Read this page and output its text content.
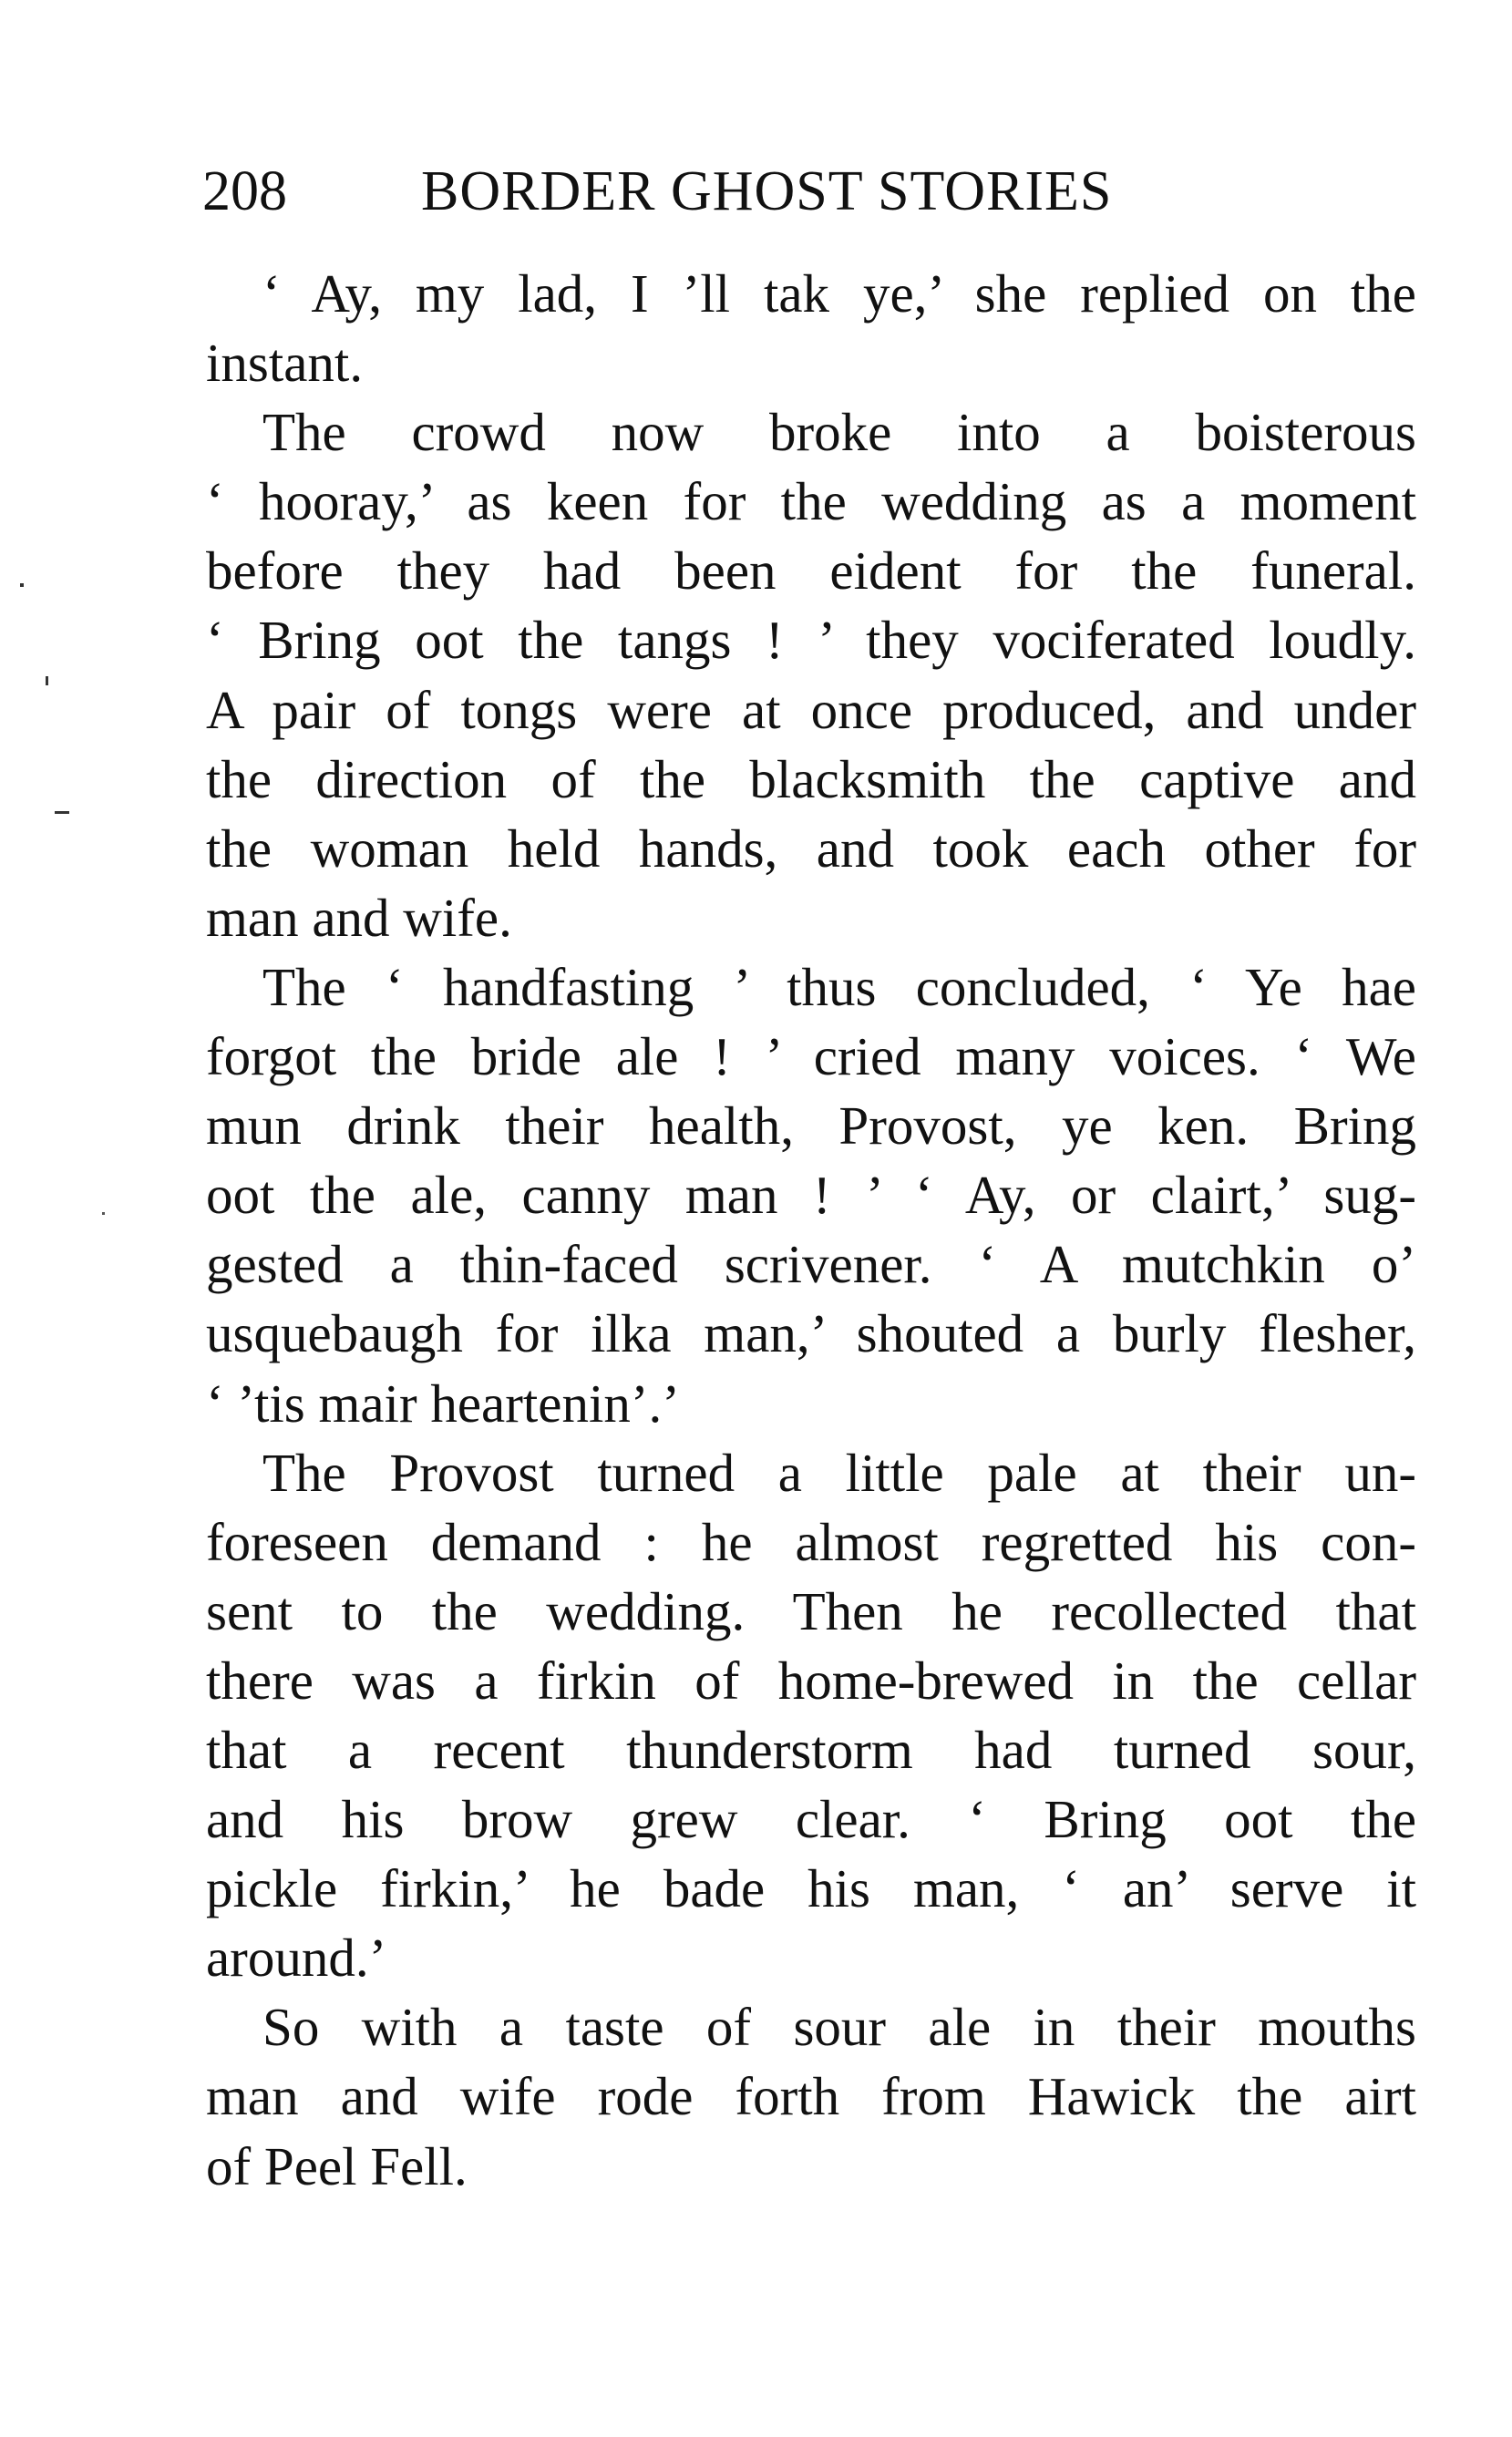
208 BORDER GHOST STORIES
‘ Ay, my lad, I ’ll tak ye,’ she replied on the
instant.
The crowd now broke into a boisterous
‘ hooray,’ as keen for the wedding as a moment
before they had been eident for the funeral.
‘ Bring oot the tangs ! ’ they vociferated loudly.
A pair of tongs were at once produced, and under
the direction of the blacksmith the captive and
the woman held hands, and took each other for
man and wife.
The ‘ handfasting ’ thus concluded, ‘ Ye hae
forgot the bride ale ! ’ cried many voices. ‘ We
mun drink their health, Provost, ye ken. Bring
oot the ale, canny man ! ’ ‘ Ay, or clairt,’ sug-
gested a thin-faced scrivener. ‘ A mutchkin o’
usquebaugh for ilka man,’ shouted a burly flesher,
‘ ’tis mair heartenin’.’
The Provost turned a little pale at their un-
foreseen demand : he almost regretted his con-
sent to the wedding. Then he recollected that
there was a firkin of home-brewed in the cellar
that a recent thunderstorm had turned sour,
and his brow grew clear. ‘ Bring oot the
pickle firkin,’ he bade his man, ‘ an’ serve it
around.’
So with a taste of sour ale in their mouths
man and wife rode forth from Hawick the airt
of Peel Fell.
